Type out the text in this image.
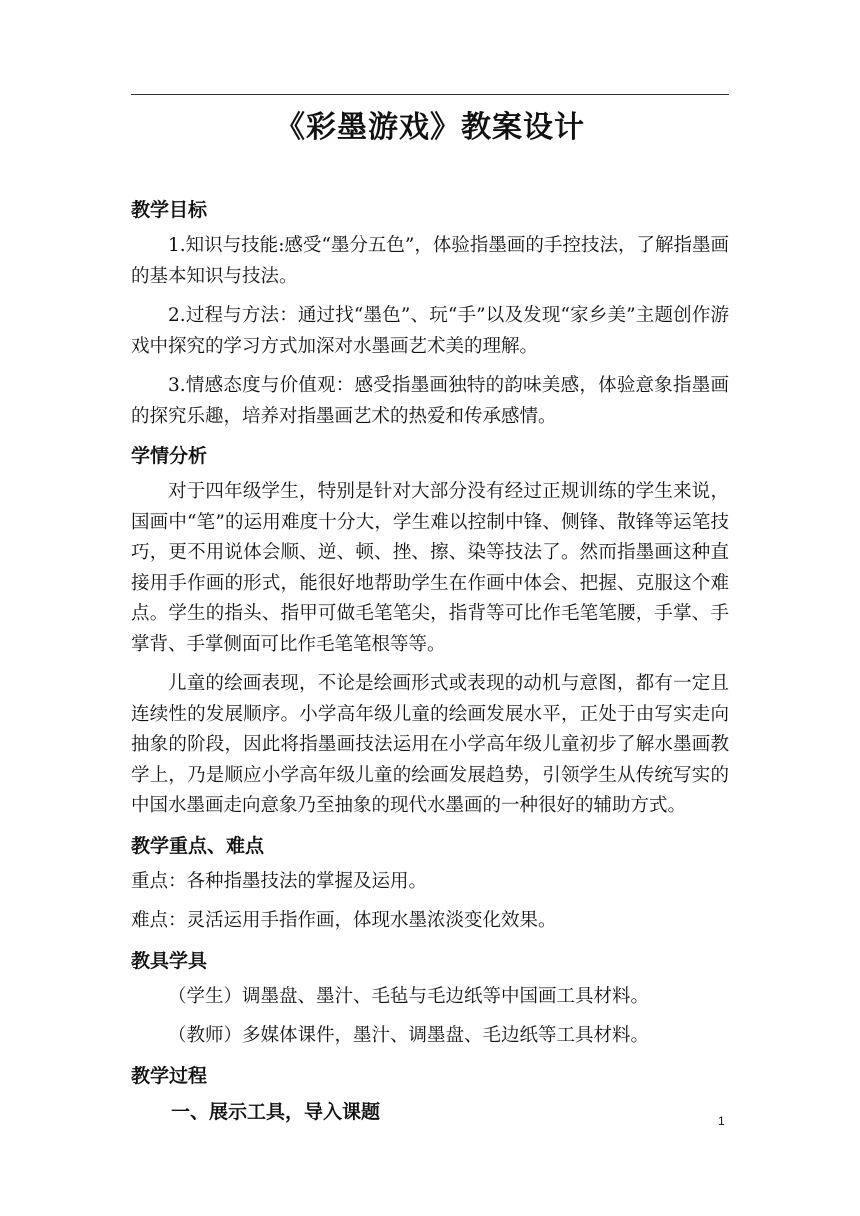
《彩墨游戏》教案设计
教学目标
1.知识与技能:感受“墨分五色”，体验指墨画的手控技法，了解指墨画的基本知识与技法。
2.过程与方法：通过找“墨色”、玩“手”以及发现“家乡美”主题创作游戏中探究的学习方式加深对水墨画艺术美的理解。
3.情感态度与价值观：感受指墨画独特的韵味美感，体验意象指墨画的探究乐趣，培养对指墨画艺术的热爱和传承感情。
学情分析
对于四年级学生，特别是针对大部分没有经过正规训练的学生来说，国画中“笔”的运用难度十分大，学生难以控制中锋、侧锋、散锋等运笔技巧，更不用说体会顺、逆、顿、挫、擦、染等技法了。然而指墨画这种直接用手作画的形式，能很好地帮助学生在作画中体会、把握、克服这个难点。学生的指头、指甲可做毛笔笔尖，指背等可比作毛笔笔腰，手掌、手掌背、手掌侧面可比作毛笔笔根等等。
儿童的绘画表现，不论是绘画形式或表现的动机与意图，都有一定且连续性的发展顺序。小学高年级儿童的绘画发展水平，正处于由写实走向抽象的阶段，因此将指墨画技法运用在小学高年级儿童初步了解水墨画教学上，乃是顺应小学高年级儿童的绘画发展趋势，引领学生从传统写实的中国水墨画走向意象乃至抽象的现代水墨画的一种很好的辅助方式。
教学重点、难点
重点：各种指墨技法的掌握及运用。
难点：灵活运用手指作画，体现水墨浓淡变化效果。
教具学具
（学生）调墨盘、墨汁、毛毡与毛边纸等中国画工具材料。
（教师）多媒体课件，墨汁、调墨盘、毛边纸等工具材料。
教学过程
一、展示工具，导入课题	1
